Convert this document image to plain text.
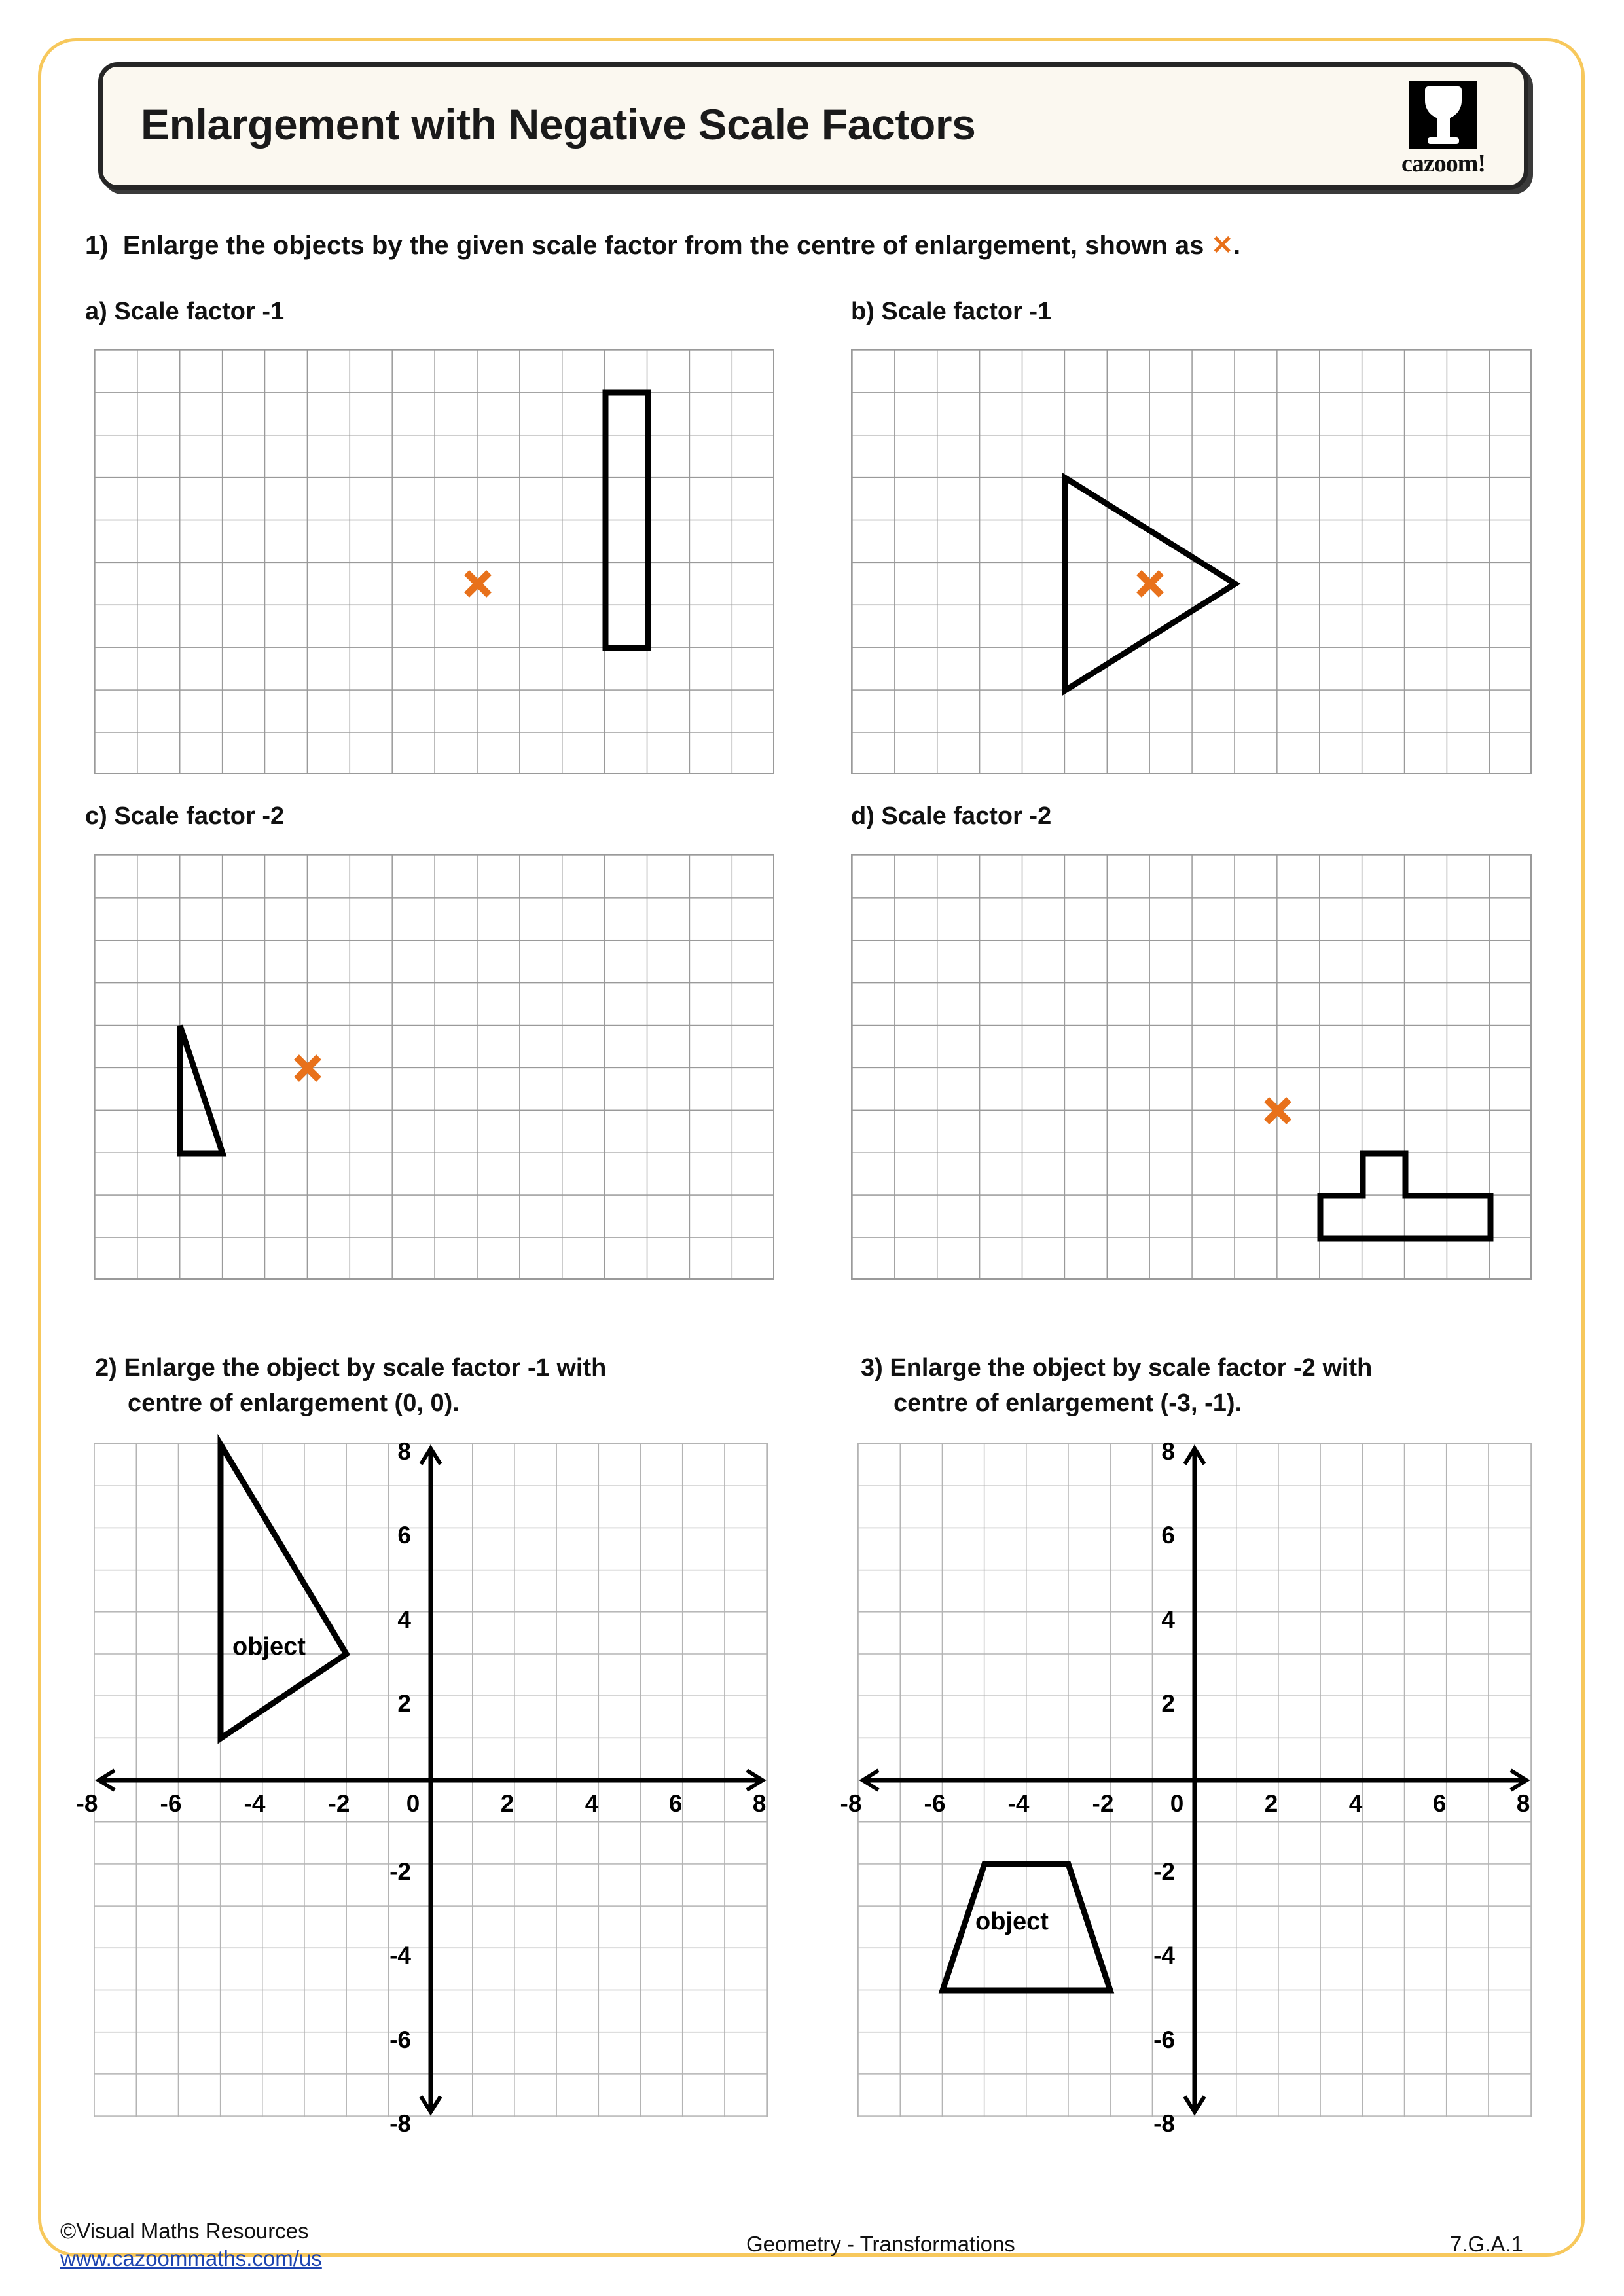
Enlargement with Negative Scale Factors
cazoom!
1) Enlarge the objects by the given scale factor from the centre of enlargement, shown as ✕.
a) Scale factor -1	b) Scale factor -1
c) Scale factor -2	d) Scale factor -2
2) Enlarge the object by scale factor -1 with
centre of enlargement (0, 0).
3) Enlarge the object by scale factor -2 with
centre of enlargement (-3, -1).
-8	-6	-4	-2	0	2	4	6	8
8
6
4
2
-2
-4
-6
-8
object
-8	-6	-4	-2	0	2	4	6	8
8
6
4
2
-2
-4
-6
-8
object
©Visual Maths Resources
www.cazoommaths.com/us
Geometry - Transformations	7.G.A.1
